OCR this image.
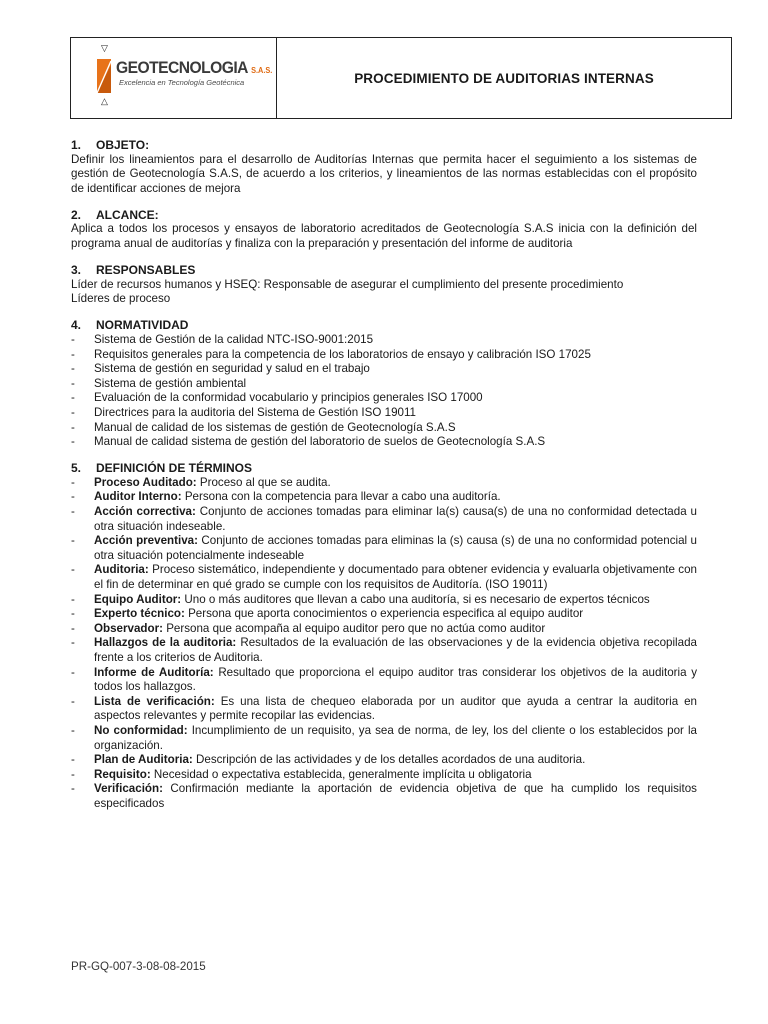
▽
△
GEOTECNOLOGIA S.A.S.
Excelencia en Tecnología Geotécnica	PROCEDIMIENTO DE AUDITORIAS INTERNAS
1. OBJETO:
Definir los lineamientos para el desarrollo de Auditorías Internas que permita hacer el seguimiento a los sistemas de gestión de Geotecnología S.A.S, de acuerdo a los criterios, y lineamientos de las normas establecidas con el propósito de identificar acciones de mejora
2. ALCANCE:
Aplica a todos los procesos y ensayos de laboratorio acreditados de Geotecnología S.A.S inicia con la definición del programa anual de auditorías y finaliza con la preparación y presentación del informe de auditoria
3. RESPONSABLES
Líder de recursos humanos y HSEQ: Responsable de asegurar el cumplimiento del presente procedimiento
Líderes de proceso
4. NORMATIVIDAD
-	Sistema de Gestión de la calidad NTC-ISO-9001:2015
-	Requisitos generales para la competencia de los laboratorios de ensayo y calibración ISO 17025
-	Sistema de gestión en seguridad y salud en el trabajo
-	Sistema de gestión ambiental
-	Evaluación de la conformidad vocabulario y principios generales ISO 17000
-	Directrices para la auditoria del Sistema de Gestión ISO 19011
-	Manual de calidad de los sistemas de gestión de Geotecnología S.A.S
-	Manual de calidad sistema de gestión del laboratorio de suelos de Geotecnología S.A.S
5. DEFINICIÓN DE TÉRMINOS
-	Proceso Auditado: Proceso al que se audita.
-	Auditor Interno: Persona con la competencia para llevar a cabo una auditoría.
-	Acción correctiva: Conjunto de acciones tomadas para eliminar la(s) causa(s) de una no conformidad detectada u otra situación indeseable.
-	Acción preventiva: Conjunto de acciones tomadas para eliminas la (s) causa (s) de una no conformidad potencial u otra situación potencialmente indeseable
-	Auditoria: Proceso sistemático, independiente y documentado para obtener evidencia y evaluarla objetivamente con el fin de determinar en qué grado se cumple con los requisitos de Auditoría. (ISO 19011)
-	Equipo Auditor: Uno o más auditores que llevan a cabo una auditoría, si es necesario de expertos técnicos
-	Experto técnico: Persona que aporta conocimientos o experiencia especifica al equipo auditor
-	Observador: Persona que acompaña al equipo auditor pero que no actúa como auditor
-	Hallazgos de la auditoria: Resultados de la evaluación de las observaciones y de la evidencia objetiva recopilada frente a los criterios de Auditoria.
-	Informe de Auditoría: Resultado que proporciona el equipo auditor tras considerar los objetivos de la auditoria y todos los hallazgos.
-	Lista de verificación: Es una lista de chequeo elaborada por un auditor que ayuda a centrar la auditoria en aspectos relevantes y permite recopilar las evidencias.
-	No conformidad: Incumplimiento de un requisito, ya sea de norma, de ley, los del cliente o los establecidos por la organización.
-	Plan de Auditoria: Descripción de las actividades y de los detalles acordados de una auditoria.
-	Requisito: Necesidad o expectativa establecida, generalmente implícita u obligatoria
-	Verificación: Confirmación mediante la aportación de evidencia objetiva de que ha cumplido los requisitos especificados
PR-GQ-007-3-08-08-2015
